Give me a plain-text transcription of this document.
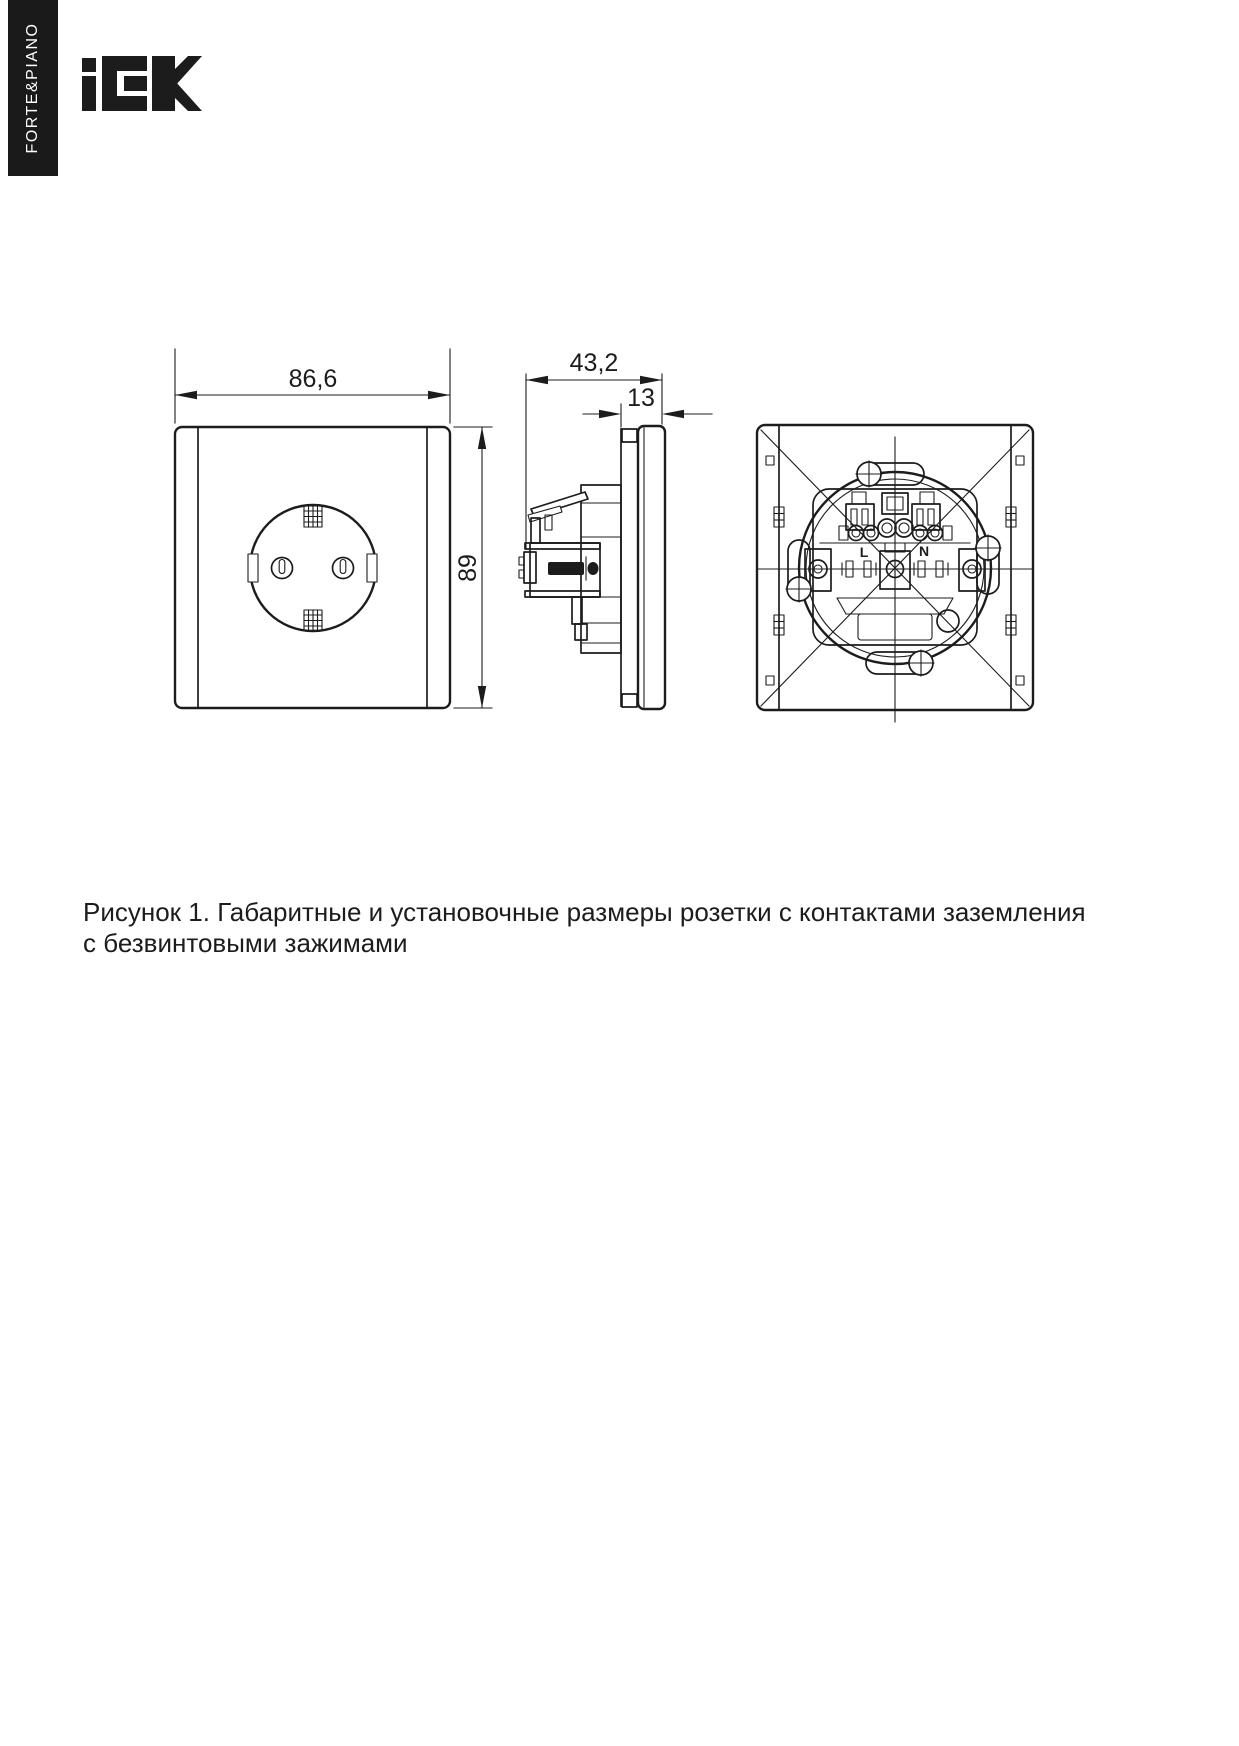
FORTE&PIANO
86,6
89
43,2
13
L	N
Рисунок 1. Габаритные и установочные размеры розетки с контактами заземления
с безвинтовыми зажимами
